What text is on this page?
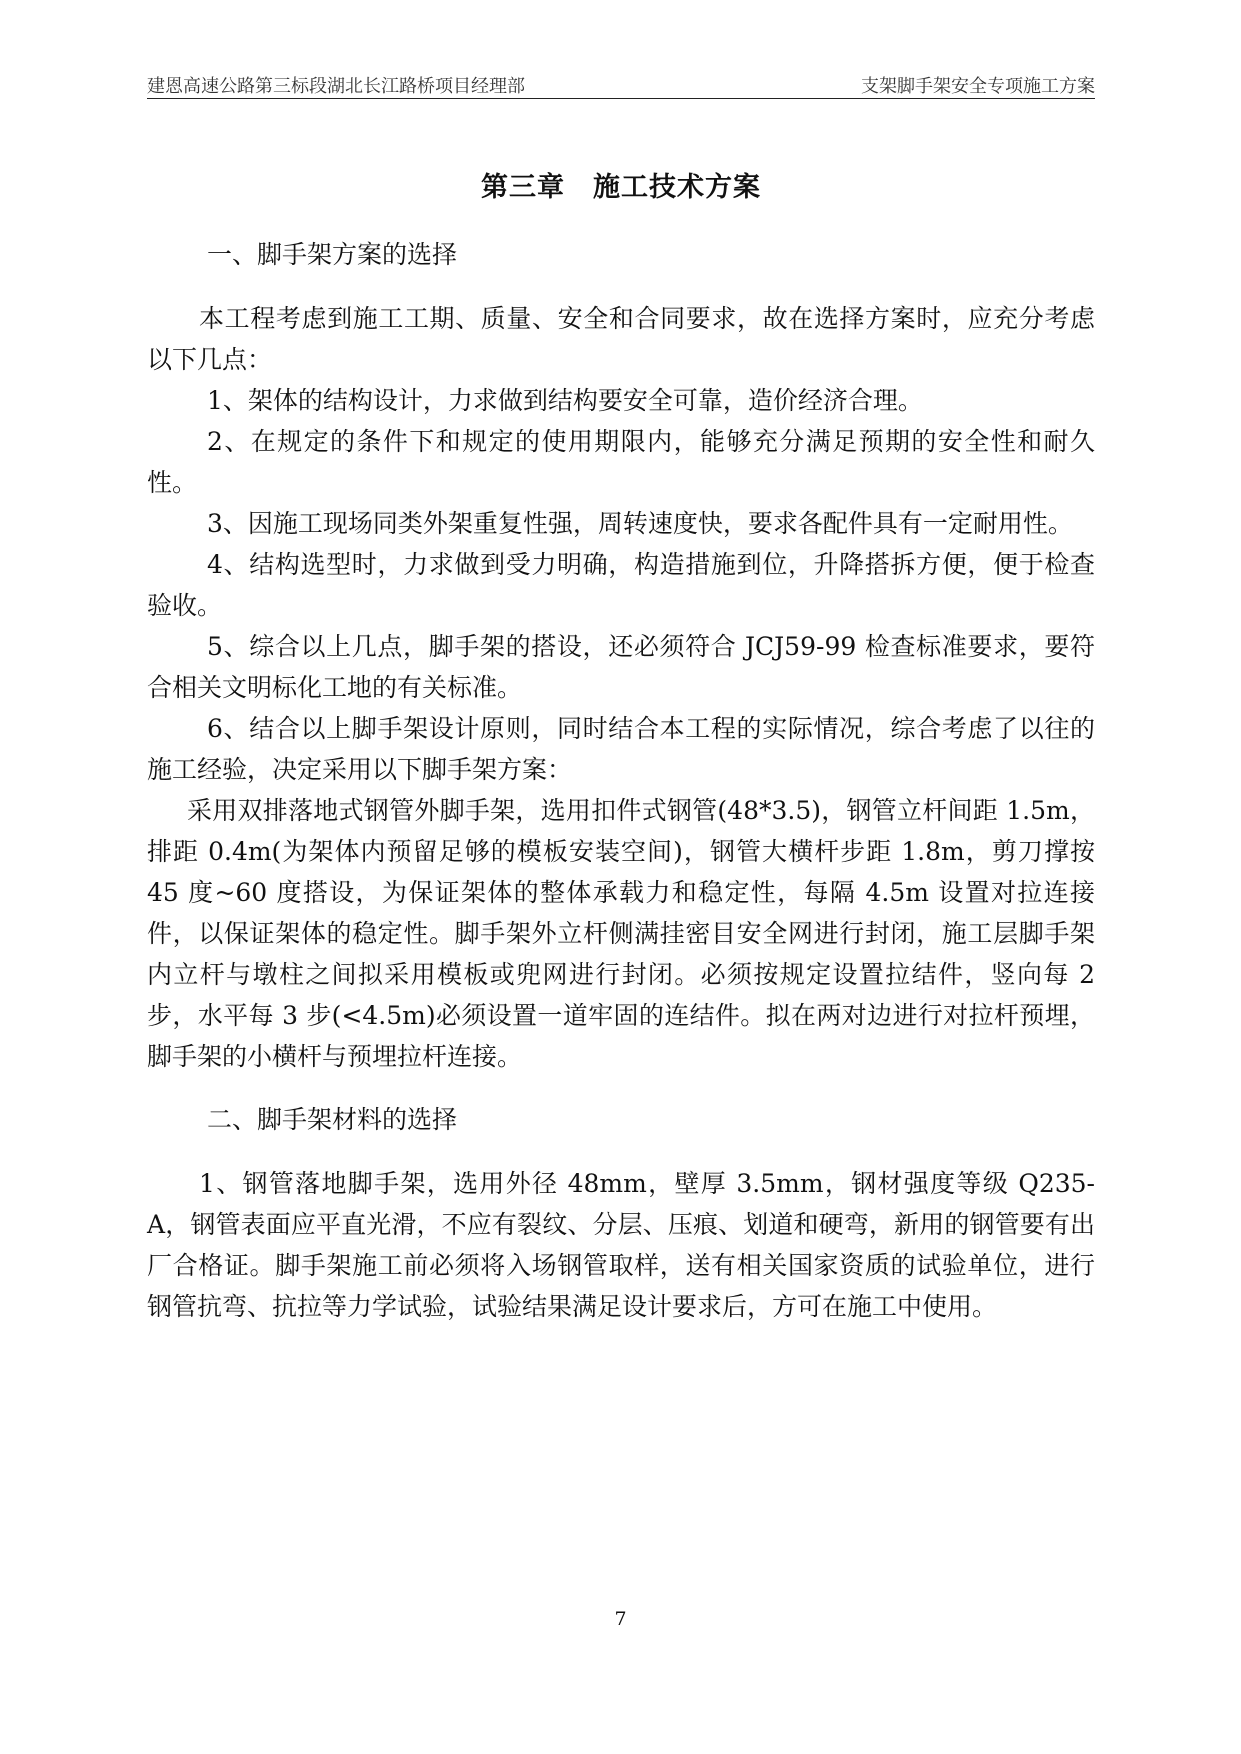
建恩高速公路第三标段湖北长江路桥项目经理部	支架脚手架安全专项施工方案
第三章　施工技术方案
一、脚手架方案的选择

本工程考虑到施工工期、质量、安全和合同要求，故在选择方案时，应充分考虑以下几点：

1、架体的结构设计，力求做到结构要安全可靠，造价经济合理。

2、在规定的条件下和规定的使用期限内，能够充分满足预期的安全性和耐久性。

3、因施工现场同类外架重复性强，周转速度快，要求各配件具有一定耐用性。

4、结构选型时，力求做到受力明确，构造措施到位，升降搭拆方便，便于检查验收。

5、综合以上几点，脚手架的搭设，还必须符合 JCJ59-99 检查标准要求，要符合相关文明标化工地的有关标准。

6、结合以上脚手架设计原则，同时结合本工程的实际情况，综合考虑了以往的施工经验，决定采用以下脚手架方案：

采用双排落地式钢管外脚手架，选用扣件式钢管(48*3.5)，钢管立杆间距 1.5m，排距 0.4m(为架体内预留足够的模板安装空间)，钢管大横杆步距 1.8m，剪刀撑按 45 度~60 度搭设，为保证架体的整体承载力和稳定性，每隔 4.5m 设置对拉连接件，以保证架体的稳定性。脚手架外立杆侧满挂密目安全网进行封闭，施工层脚手架内立杆与墩柱之间拟采用模板或兜网进行封闭。必须按规定设置拉结件，竖向每 2 步，水平每 3 步(<4.5m)必须设置一道牢固的连结件。拟在两对边进行对拉杆预埋，脚手架的小横杆与预埋拉杆连接。

二、脚手架材料的选择

1、钢管落地脚手架，选用外径 48mm，壁厚 3.5mm，钢材强度等级 Q235-A，钢管表面应平直光滑，不应有裂纹、分层、压痕、划道和硬弯，新用的钢管要有出厂合格证。脚手架施工前必须将入场钢管取样，送有相关国家资质的试验单位，进行钢管抗弯、抗拉等力学试验，试验结果满足设计要求后，方可在施工中使用。

7
